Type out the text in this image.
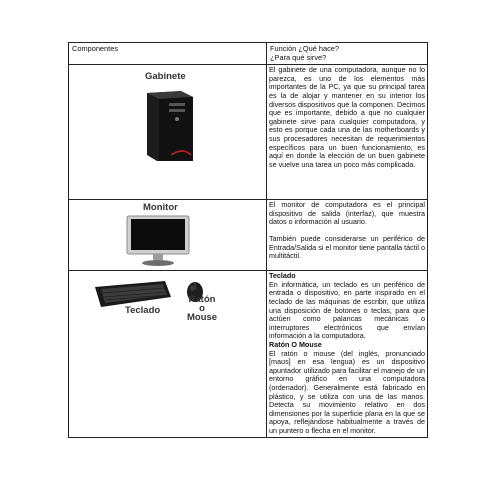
Componentes	Función ¿Qué hace?
¿Para qué sirve?
Gabinete

El gabinete de una computadora, aunque no lo parezca, es uno de los elementos más importantes de la PC, ya que su principal tarea es la de alojar y mantener en su interior los diversos dispositivos que la componen. Decimos que es importante, debido a que no cualquier gabinete sirve para cualquier computadora, y esto es porque cada una de las motherboards y sus procesadores necesitan de requerimientos específicos para un buen funcionamiento, es aquí en donde la elección de un buen gabinete se vuelve una tarea un poco más complicada.

Monitor	El monitor de computadora es el principal dispositivo de salida (interfaz), que muestra datos o información al usuario.

También puede considerarse un periférico de Entrada/Salida si el monitor tiene pantalla táctil o multitáctil.

Teclado
Ratón
o
Mouse

Teclado

En informática, un teclado es un periférico de entrada o dispositivo, en parte inspirado en el teclado de las máquinas de escribir, que utiliza una disposición de botones o teclas, para que actúen como palancas mecánicas o interruptores electrónicos que envían información a la computadora.

Ratón O Mouse

El ratón o mouse (del inglés, pronunciado [maʊs] en esa lengua) es un dispositivo apuntador utilizado para facilitar el manejo de un entorno gráfico en una computadora (ordenador). Generalmente está fabricado en plástico, y se utiliza con una de las manos. Detecta su movimiento relativo en dos dimensiones por la superficie plana en la que se apoya, reflejándose habitualmente a través de un puntero o flecha en el monitor.
